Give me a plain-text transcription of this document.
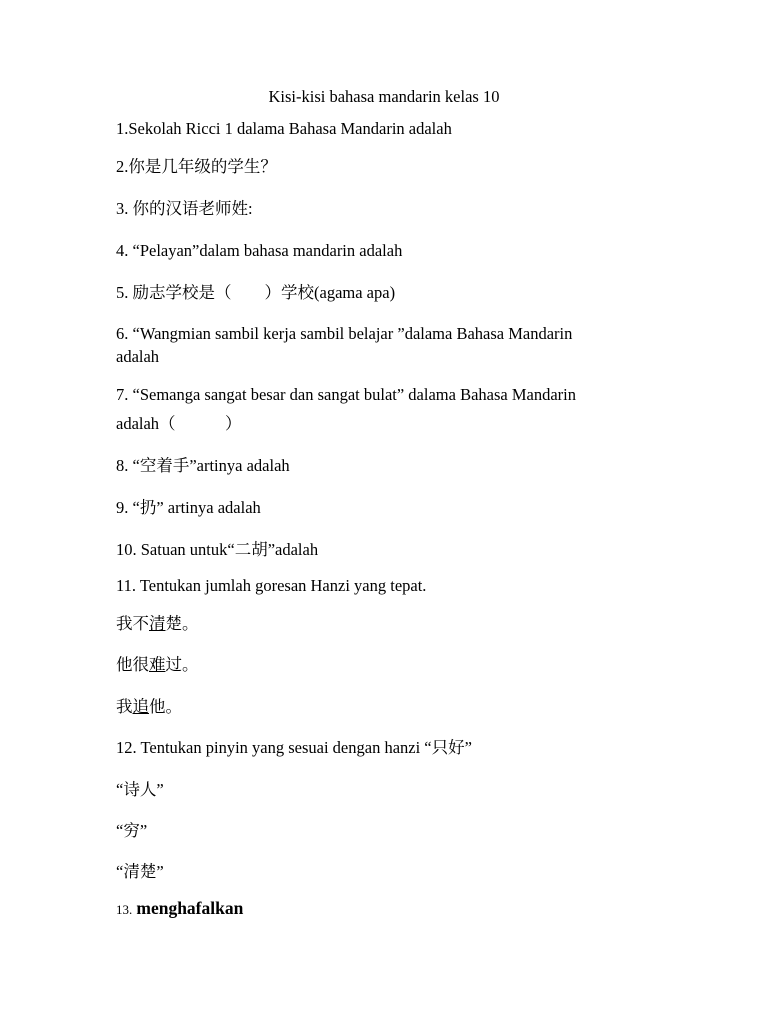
Kisi-kisi bahasa mandarin kelas 10
1.Sekolah Ricci 1 dalama Bahasa Mandarin adalah
2.你是几年级的学生？
3. 你的汉语老师姓:
4. “Pelayan”dalam bahasa mandarin adalah
5. 励志学校是（　　）学校(agama apa)
6. “Wangmian sambil kerja sambil belajar ”dalama Bahasa Mandarin
adalah
7. “Semanga sangat besar dan sangat bulat” dalama Bahasa Mandarin
adalah（　　　）
8. “空着手”artinya adalah
9. “扔” artinya adalah
10. Satuan untuk“二胡”adalah
11. Tentukan jumlah goresan Hanzi yang tepat.
我不清楚。
他很难过。
我追他。
12. Tentukan pinyin yang sesuai dengan hanzi “只好”
“诗人”
“穷”
“清楚”
13. menghafalkan
